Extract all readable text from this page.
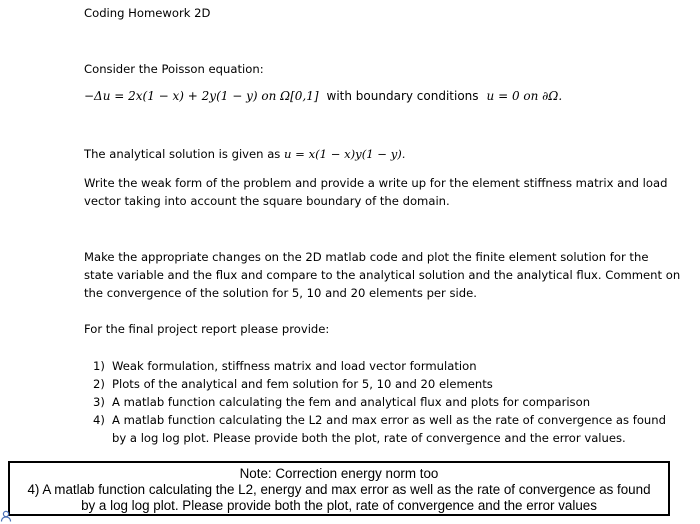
Coding Homework 2D
Consider the Poisson equation:
−Δu = 2x(1 − x) + 2y(1 − y) on Ω[0,1] with boundary conditions u = 0 on ∂Ω.
The analytical solution is given as u = x(1 − x)y(1 − y).
Write the weak form of the problem and provide a write up for the element stiffness matrix and load
vector taking into account the square boundary of the domain.
Make the appropriate changes on the 2D matlab code and plot the finite element solution for the
state variable and the flux and compare to the analytical solution and the analytical flux. Comment on
the convergence of the solution for 5, 10 and 20 elements per side.
For the final project report please provide:
1) Weak formulation, stiffness matrix and load vector formulation
2) Plots of the analytical and fem solution for 5, 10 and 20 elements
3) A matlab function calculating the fem and analytical flux and plots for comparison
4) A matlab function calculating the L2 and max error as well as the rate of convergence as found
by a log log plot. Please provide both the plot, rate of convergence and the error values.
Note: Correction energy norm too
4) A matlab function calculating the L2, energy and max error as well as the rate of convergence as found
by a log log plot. Please provide both the plot, rate of convergence and the error values
